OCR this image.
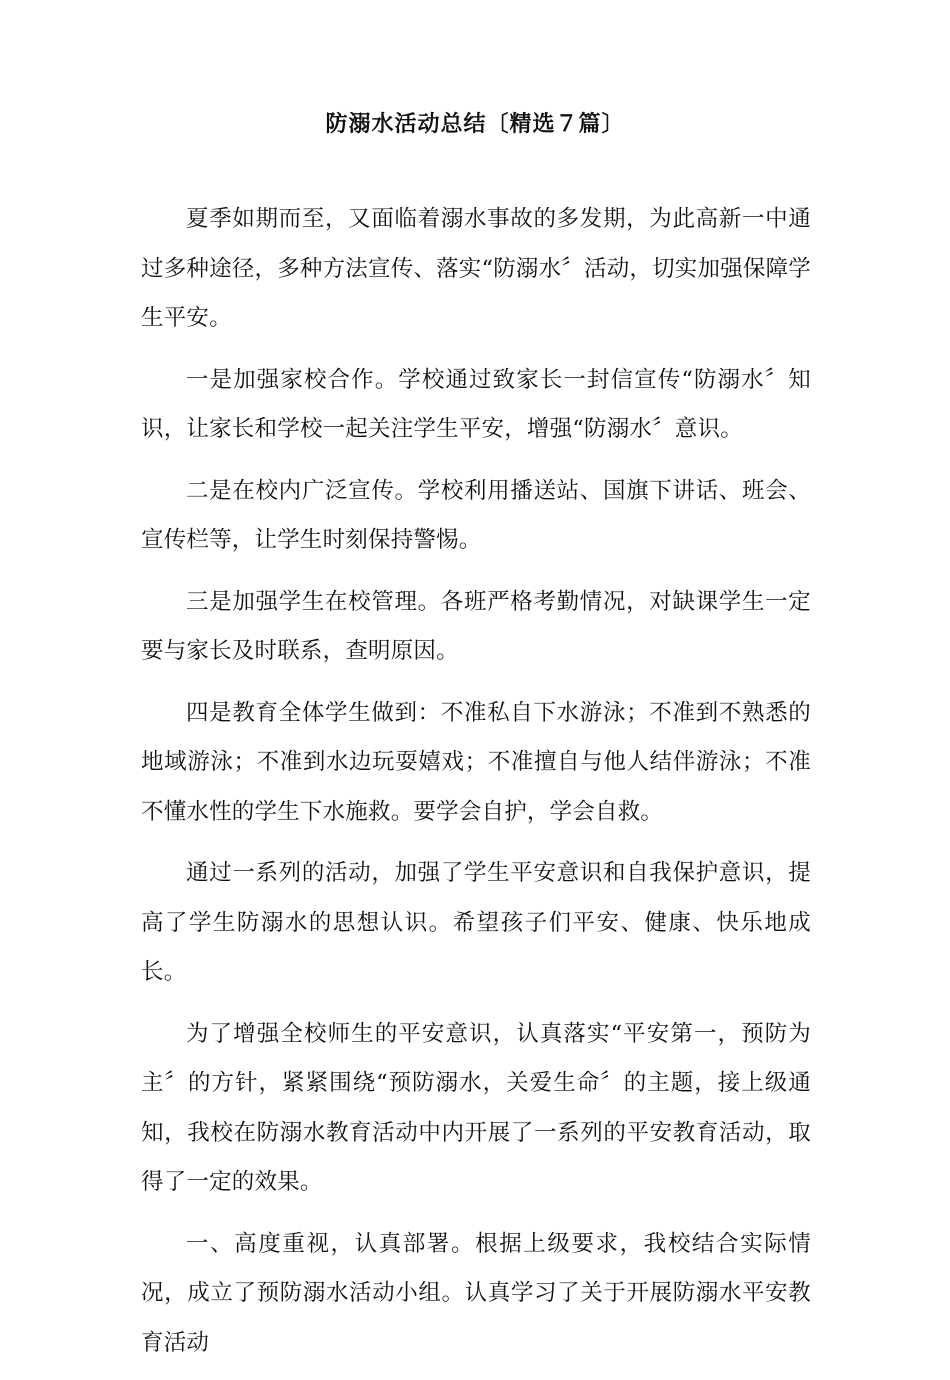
防溺水活动总结〔精选７篇〕

夏季如期而至，又面临着溺水事故的多发期，为此高新一中通过多种途径，多种方法宣传、落实“防溺水〞活动，切实加强保障学生平安。

一是加强家校合作。学校通过致家长一封信宣传“防溺水〞知识，让家长和学校一起关注学生平安，增强“防溺水〞意识。

二是在校内广泛宣传。学校利用播送站、国旗下讲话、班会、宣传栏等，让学生时刻保持警惕。

三是加强学生在校管理。各班严格考勤情况，对缺课学生一定要与家长及时联系，查明原因。

四是教育全体学生做到：不准私自下水游泳；不准到不熟悉的地域游泳；不准到水边玩耍嬉戏；不准擅自与他人结伴游泳；不准不懂水性的学生下水施救。要学会自护，学会自救。

通过一系列的活动，加强了学生平安意识和自我保护意识，提高了学生防溺水的思想认识。希望孩子们平安、健康、快乐地成长。

为了增强全校师生的平安意识，认真落实“平安第一，预防为主〞的方针，紧紧围绕“预防溺水，关爱生命〞的主题，接上级通知，我校在防溺水教育活动中内开展了一系列的平安教育活动，取得了一定的效果。

一、高度重视，认真部署。根据上级要求，我校结合实际情况，成立了预防溺水活动小组。认真学习了关于开展防溺水平安教育活动
